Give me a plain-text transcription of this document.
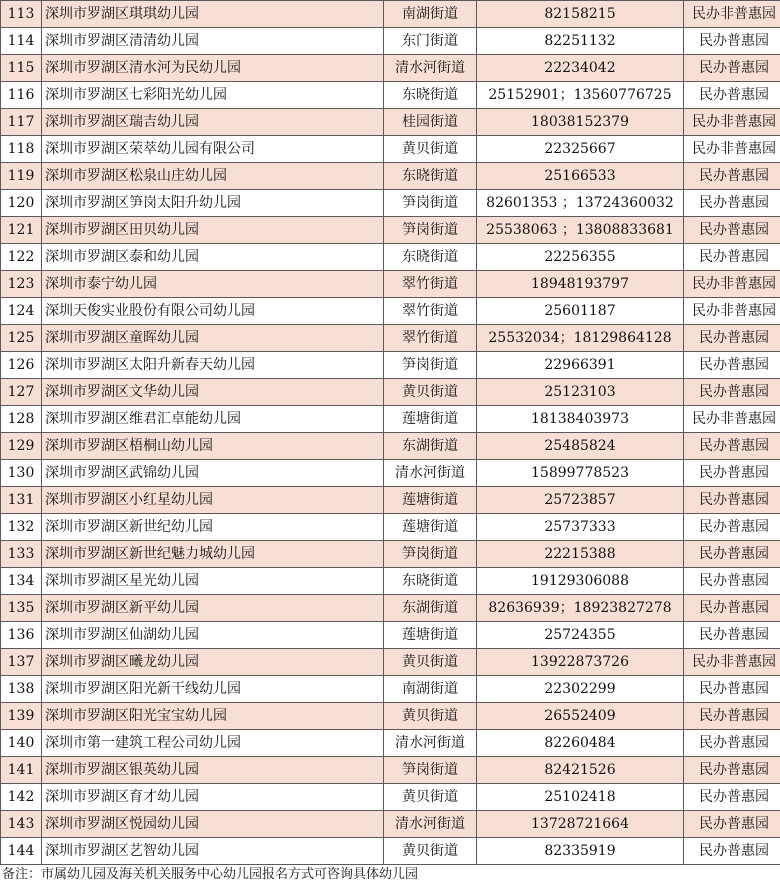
113	深圳市罗湖区琪琪幼儿园	南湖街道	82158215	民办非普惠园
114	深圳市罗湖区清清幼儿园	东门街道	82251132	民办普惠园
115	深圳市罗湖区清水河为民幼儿园	清水河街道	22234042	民办普惠园
116	深圳市罗湖区七彩阳光幼儿园	东晓街道	25152901；13560776725	民办普惠园
117	深圳市罗湖区瑞吉幼儿园	桂园街道	18038152379	民办非普惠园
118	深圳市罗湖区荣萃幼儿园有限公司	黄贝街道	22325667	民办非普惠园
119	深圳市罗湖区松泉山庄幼儿园	东晓街道	25166533	民办普惠园
120	深圳市罗湖区笋岗太阳升幼儿园	笋岗街道	82601353 ；13724360032	民办普惠园
121	深圳市罗湖区田贝幼儿园	笋岗街道	25538063 ；13808833681	民办普惠园
122	深圳市罗湖区泰和幼儿园	东晓街道	22256355	民办普惠园
123	深圳市泰宁幼儿园	翠竹街道	18948193797	民办非普惠园
124	深圳天俊实业股份有限公司幼儿园	翠竹街道	25601187	民办非普惠园
125	深圳市罗湖区童晖幼儿园	翠竹街道	25532034；18129864128	民办普惠园
126	深圳市罗湖区太阳升新春天幼儿园	笋岗街道	22966391	民办普惠园
127	深圳市罗湖区文华幼儿园	黄贝街道	25123103	民办普惠园
128	深圳市罗湖区维君汇卓能幼儿园	莲塘街道	18138403973	民办非普惠园
129	深圳市罗湖区梧桐山幼儿园	东湖街道	25485824	民办普惠园
130	深圳市罗湖区武锦幼儿园	清水河街道	15899778523	民办普惠园
131	深圳市罗湖区小红星幼儿园	莲塘街道	25723857	民办普惠园
132	深圳市罗湖区新世纪幼儿园	莲塘街道	25737333	民办普惠园
133	深圳市罗湖区新世纪魅力城幼儿园	笋岗街道	22215388	民办普惠园
134	深圳市罗湖区星光幼儿园	东晓街道	19129306088	民办普惠园
135	深圳市罗湖区新平幼儿园	东湖街道	82636939；18923827278	民办普惠园
136	深圳市罗湖区仙湖幼儿园	莲塘街道	25724355	民办普惠园
137	深圳市罗湖区曦龙幼儿园	黄贝街道	13922873726	民办非普惠园
138	深圳市罗湖区阳光新干线幼儿园	南湖街道	22302299	民办普惠园
139	深圳市罗湖区阳光宝宝幼儿园	黄贝街道	26552409	民办普惠园
140	深圳市第一建筑工程公司幼儿园	清水河街道	82260484	民办普惠园
141	深圳市罗湖区银英幼儿园	笋岗街道	82421526	民办普惠园
142	深圳市罗湖区育才幼儿园	黄贝街道	25102418	民办普惠园
143	深圳市罗湖区悦园幼儿园	清水河街道	13728721664	民办普惠园
144	深圳市罗湖区艺智幼儿园	黄贝街道	82335919	民办普惠园
备注：市属幼儿园及海关机关服务中心幼儿园报名方式可咨询具体幼儿园
